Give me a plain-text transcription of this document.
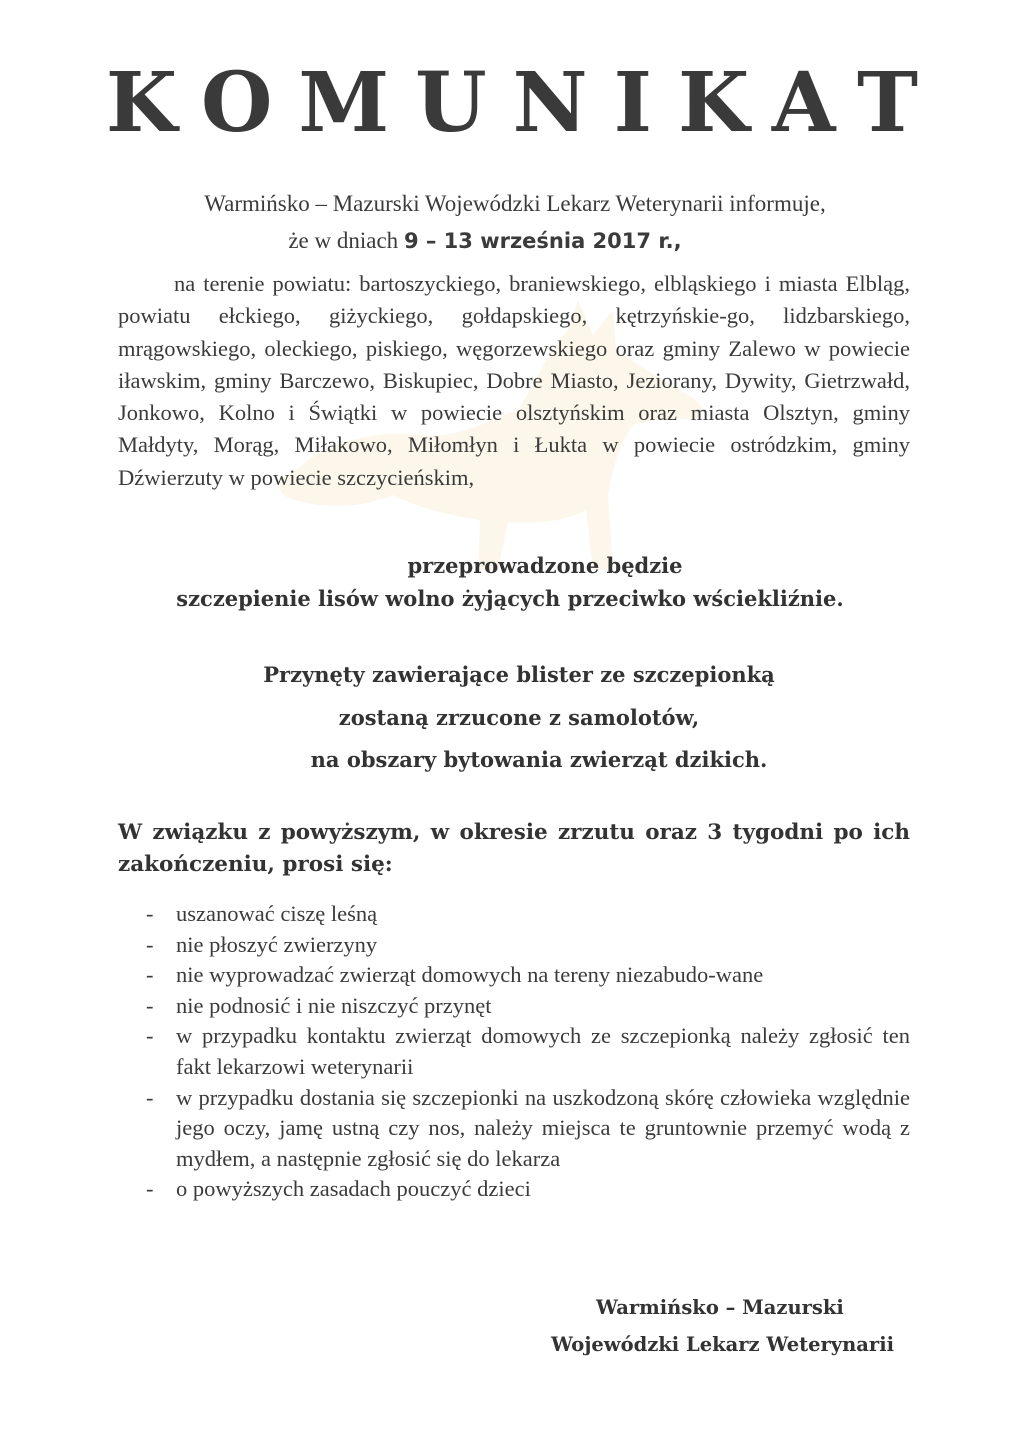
KOMUNIKAT

Warmińsko – Mazurski Wojewódzki Lekarz Weterynarii informuje,

że w dniach 9 – 13 września 2017 r.,

na terenie powiatu: bartoszyckiego, braniewskiego, elbląskiego i miasta Elbląg, powiatu ełckiego, giżyckiego, gołdapskiego, kętrzyńskie-go, lidzbarskiego, mrągowskiego, oleckiego, piskiego, węgorzewskiego oraz gminy Zalewo w powiecie iławskim, gminy Barczewo, Biskupiec, Dobre Miasto, Jeziorany, Dywity, Gietrzwałd, Jonkowo, Kolno i Świątki w powiecie olsztyńskim oraz miasta Olsztyn, gminy Małdyty, Morąg, Miłakowo, Miłomłyn i Łukta w powiecie ostródzkim, gminy Dźwierzuty w powiecie szczycieńskim,

przeprowadzone będzie

szczepienie lisów wolno żyjących przeciwko wściekliźnie.

Przynęty zawierające blister ze szczepionką

zostaną zrzucone z samolotów,

na obszary bytowania zwierząt dzikich.

W związku z powyższym, w okresie zrzutu oraz 3 tygodni po ich zakończeniu, prosi się:

- uszanować ciszę leśną
- nie płoszyć zwierzyny
- nie wyprowadzać zwierząt domowych na tereny niezabudo-wane
- nie podnosić i nie niszczyć przynęt
- w przypadku kontaktu zwierząt domowych ze szczepionką należy zgłosić ten fakt lekarzowi weterynarii
- w przypadku dostania się szczepionki na uszkodzoną skórę człowieka względnie jego oczy, jamę ustną czy nos, należy miejsca te gruntownie przemyć wodą z mydłem, a następnie zgłosić się do lekarza
- o powyższych zasadach pouczyć dzieci

Warmińsko – Mazurski

Wojewódzki Lekarz Weterynarii
